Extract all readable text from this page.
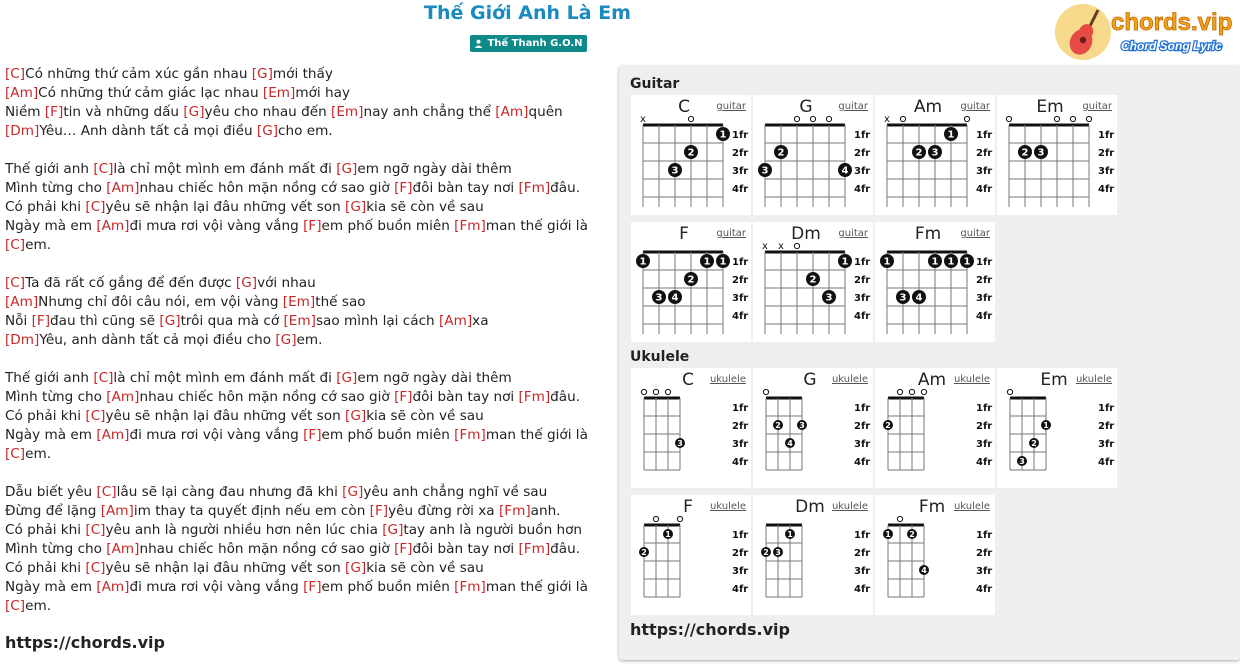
Thế Giới Anh Là Em
Thế Thanh G.O.N
chords.vip
Chord Song Lyric
[C]Có những thứ cảm xúc gần nhau [G]mới thấy
[Am]Có những thứ cảm giác lạc nhau [Em]mới hay
Niềm [F]tin và những dấu [G]yêu cho nhau đến [Em]nay anh chẳng thể [Am]quên
[Dm]Yêu… Anh dành tất cả mọi điều [G]cho em.
Thế giới anh [C]là chỉ một mình em đánh mất đi [G]em ngỡ ngày dài thêm
Mình từng cho [Am]nhau chiếc hôn mặn nồng cớ sao giờ [F]đôi bàn tay nơi [Fm]đâu.
Có phải khi [C]yêu sẽ nhận lại đâu những vết son [G]kia sẽ còn về sau
Ngày mà em [Am]đi mưa rơi vội vàng vắng [F]em phố buồn miên [Fm]man thế giới là
[C]em.
[C]Ta đã rất cố gắng để đến được [G]với nhau
[Am]Nhưng chỉ đôi câu nói, em vội vàng [Em]thế sao
Nỗi [F]đau thì cũng sẽ [G]trôi qua mà cớ [Em]sao mình lại cách [Am]xa
[Dm]Yêu, anh dành tất cả mọi điều cho [G]em.
Thế giới anh [C]là chỉ một mình em đánh mất đi [G]em ngỡ ngày dài thêm
Mình từng cho [Am]nhau chiếc hôn mặn nồng cớ sao giờ [F]đôi bàn tay nơi [Fm]đâu.
Có phải khi [C]yêu sẽ nhận lại đâu những vết son [G]kia sẽ còn về sau
Ngày mà em [Am]đi mưa rơi vội vàng vắng [F]em phố buồn miên [Fm]man thế giới là
[C]em.
Dẫu biết yêu [C]lâu sẽ lại càng đau nhưng đã khi [G]yêu anh chẳng nghĩ về sau
Đừng để lặng [Am]im thay ta quyết định nếu em còn [F]yêu đừng rời xa [Fm]anh.
Có phải khi [C]yêu anh là người nhiều hơn nên lúc chia [G]tay anh là người buồn hơn
Mình từng cho [Am]nhau chiếc hôn mặn nồng cớ sao giờ [F]đôi bàn tay nơi [Fm]đâu.
Có phải khi [C]yêu sẽ nhận lại đâu những vết son [G]kia sẽ còn về sau
Ngày mà em [Am]đi mưa rơi vội vàng vắng [F]em phố buồn miên [Fm]man thế giới là
[C]em.
https://chords.vip
Guitar
Ukulele
https://chords.vip
C	guitar
1fr
2fr
3fr
4fr
x
3
2
1
G	guitar
1fr
2fr
3fr
4fr
3
2
4
Am	guitar
1fr
2fr
3fr
4fr
x
2 3
1
Em	guitar
1fr
2fr
3fr
4fr
2 3
F	guitar
1fr
2fr
3fr
4fr
1
3 4
2
1 1
Dm	guitar
1fr
2fr
3fr
4fr
x x
2
3
1
Fm	guitar
1fr
2fr
3fr
4fr
1
3 4
1 1 1
C	ukulele
1fr
2fr
3fr
4fr
3
G	ukulele
1fr
2fr
3fr
4fr
2
4
3
Am ukulele
1fr
2fr
3fr
4fr
2
Em ukulele
1fr
2fr
3fr
4fr
3
2
1
F	ukulele
1fr
2fr
3fr
4fr
2
1
Dm ukulele
1fr
2fr
3fr
4fr
2 3
1
Fm ukulele
1fr
2fr
3fr
4fr
1 2
4
